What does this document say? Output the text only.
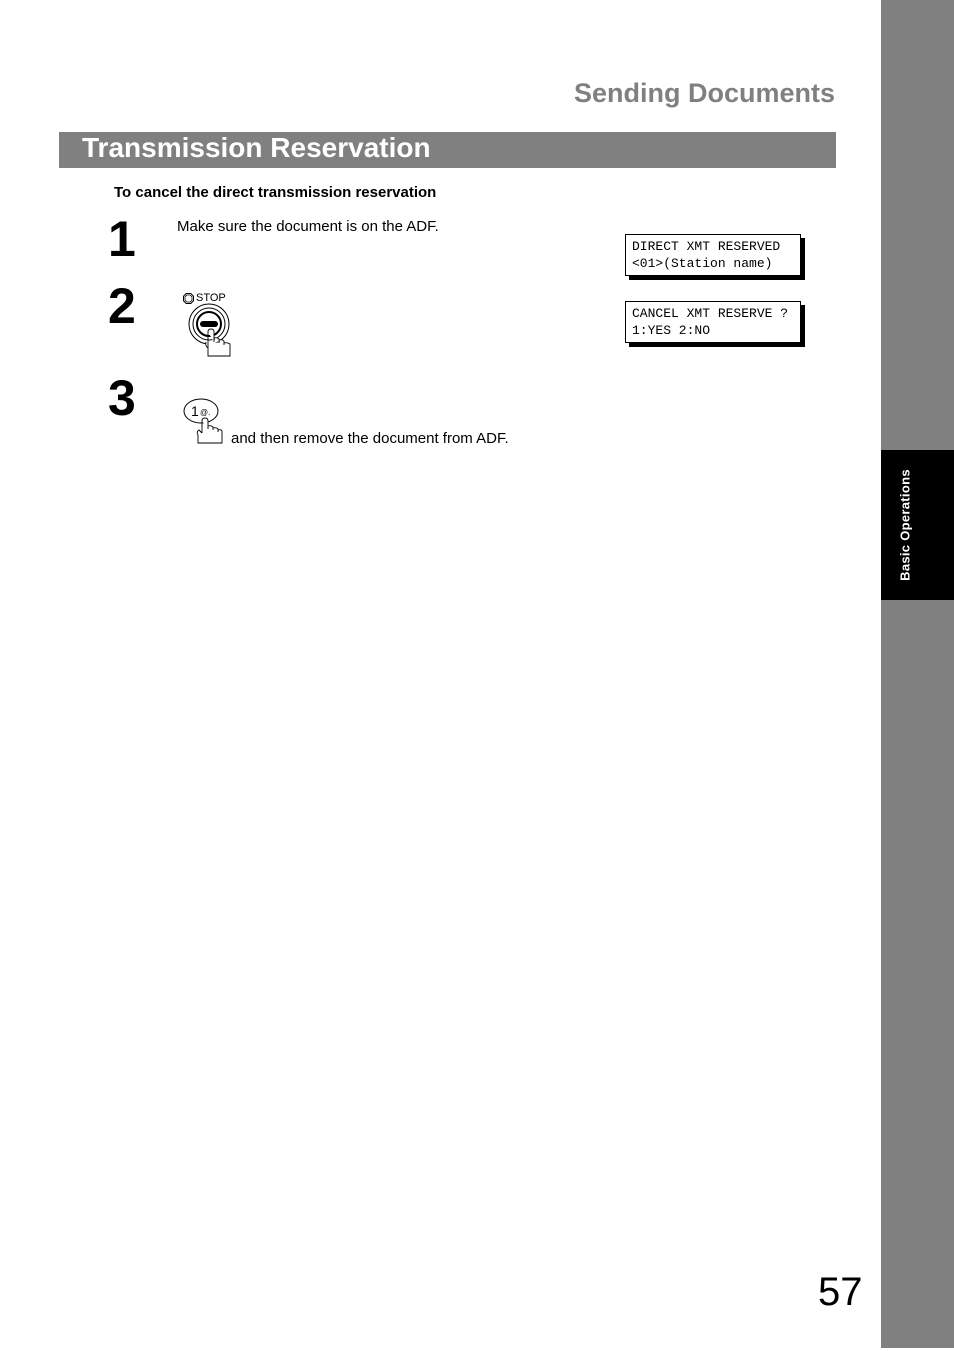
Basic Operations
Sending Documents
Transmission Reservation
To cancel the direct transmission reservation
1	Make sure the document is on the ADF.
DIRECT XMT RESERVED
<01>(Station name)
2	STOP
CANCEL XMT RESERVE ?
1:YES 2:NO
3	1 @.
and then remove the document from ADF.
57
